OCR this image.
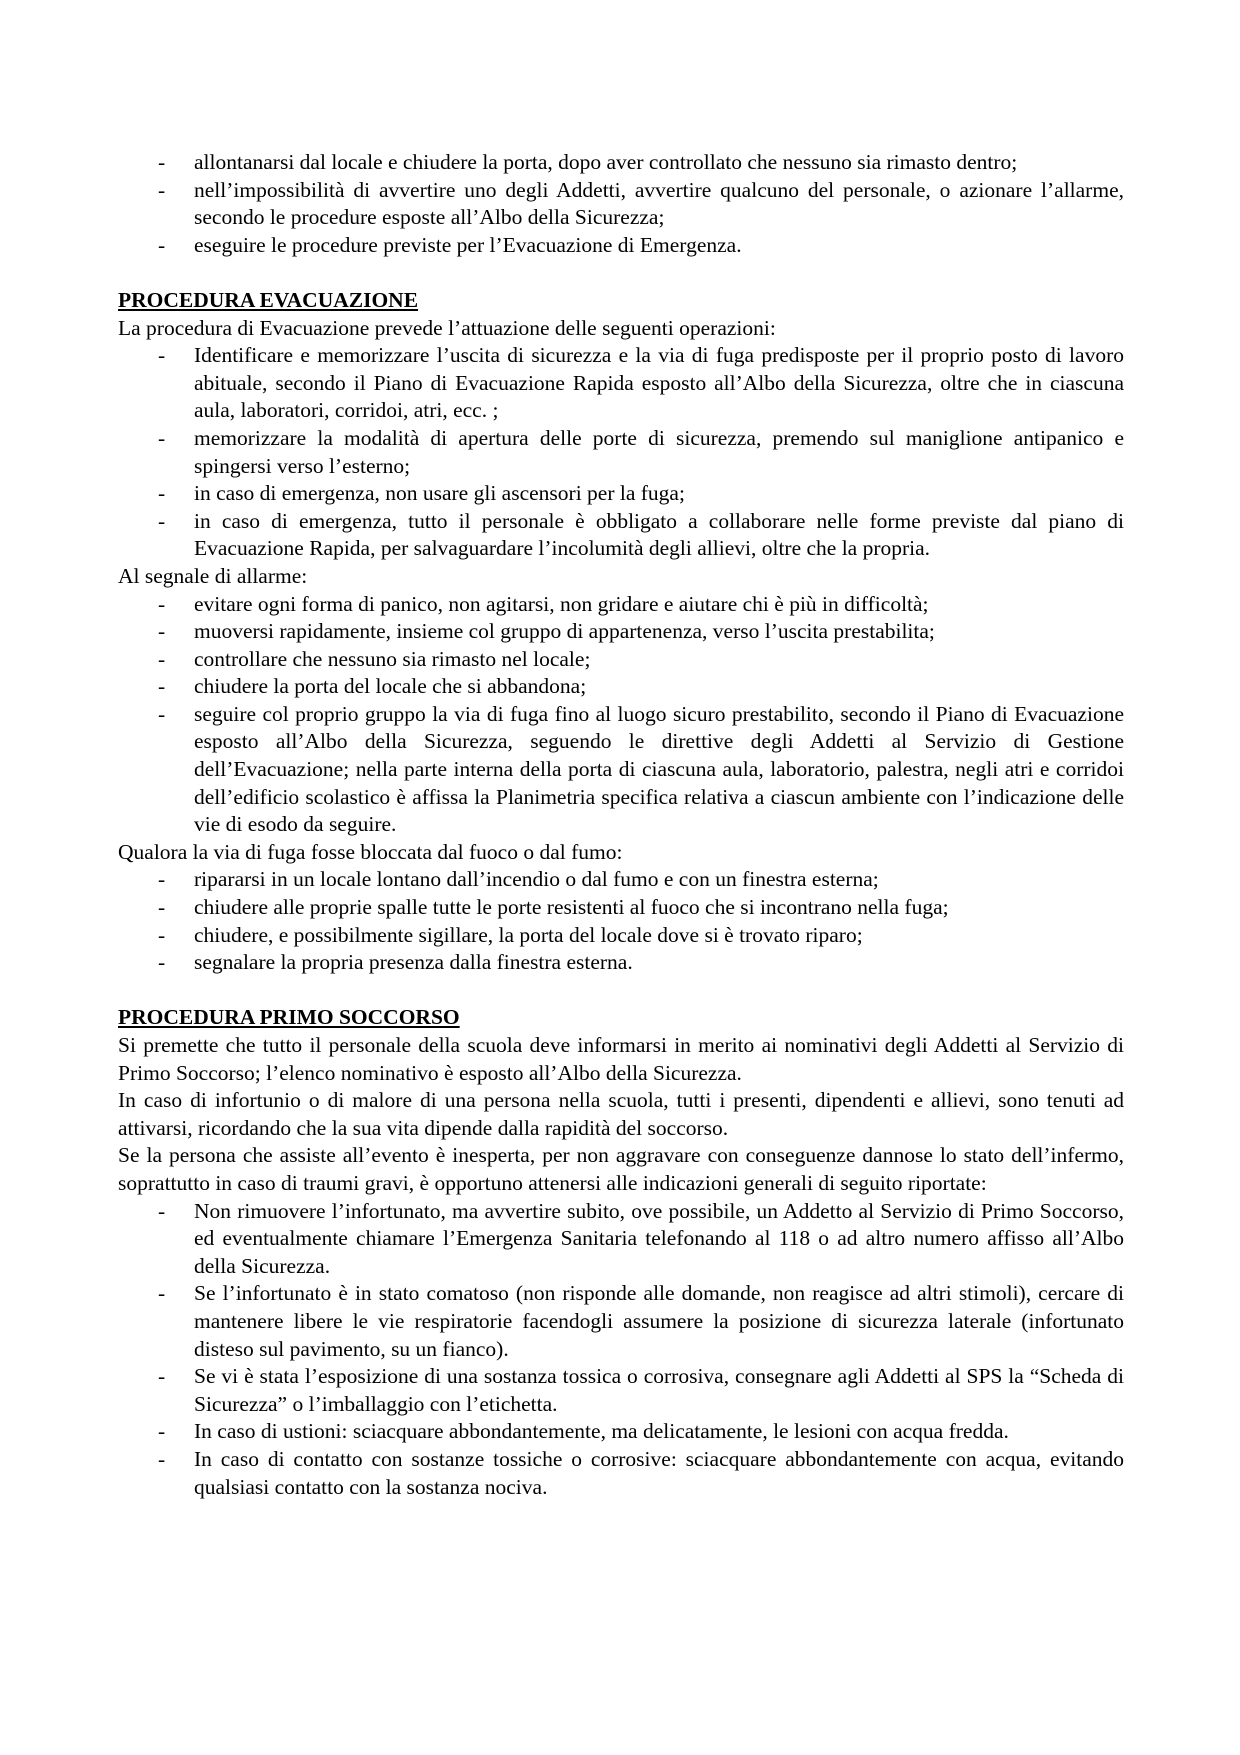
-	allontanarsi dal locale e chiudere la porta, dopo aver controllato che nessuno sia rimasto dentro;
-	nell’impossibilità di avvertire uno degli Addetti, avvertire qualcuno del personale, o azionare l’allarme, secondo le procedure esposte all’Albo della Sicurezza;
-	eseguire le procedure previste per l’Evacuazione di Emergenza.

PROCEDURA EVACUAZIONE

La procedura di Evacuazione prevede l’attuazione delle seguenti operazioni:

-	Identificare e memorizzare l’uscita di sicurezza e la via di fuga predisposte per il proprio posto di lavoro abituale, secondo il Piano di Evacuazione Rapida esposto all’Albo della Sicurezza, oltre che in ciascuna aula, laboratori, corridoi, atri, ecc. ;
-	memorizzare la modalità di apertura delle porte di sicurezza, premendo sul maniglione antipanico e spingersi verso l’esterno;
-	in caso di emergenza, non usare gli ascensori per la fuga;
-	in caso di emergenza, tutto il personale è obbligato a collaborare nelle forme previste dal piano di Evacuazione Rapida, per salvaguardare l’incolumità degli allievi, oltre che la propria.

Al segnale di allarme:

-	evitare ogni forma di panico, non agitarsi, non gridare e aiutare chi è più in difficoltà;
-	muoversi rapidamente, insieme col gruppo di appartenenza, verso l’uscita prestabilita;
-	controllare che nessuno sia rimasto nel locale;
-	chiudere la porta del locale che si abbandona;
-	seguire col proprio gruppo la via di fuga fino al luogo sicuro prestabilito, secondo il Piano di Evacuazione esposto all’Albo della Sicurezza, seguendo le direttive degli Addetti al Servizio di Gestione dell’Evacuazione; nella parte interna della porta di ciascuna aula, laboratorio, palestra, negli atri e corridoi dell’edificio scolastico è affissa la Planimetria specifica relativa a ciascun ambiente con l’indicazione delle vie di esodo da seguire.

Qualora la via di fuga fosse bloccata dal fuoco o dal fumo:

-	ripararsi in un locale lontano dall’incendio o dal fumo e con un finestra esterna;
-	chiudere alle proprie spalle tutte le porte resistenti al fuoco che si incontrano nella fuga;
-	chiudere, e possibilmente sigillare, la porta del locale dove si è trovato riparo;
-	segnalare la propria presenza dalla finestra esterna.

PROCEDURA PRIMO SOCCORSO

Si premette che tutto il personale della scuola deve informarsi in merito ai nominativi degli Addetti al Servizio di Primo Soccorso; l’elenco nominativo è esposto all’Albo della Sicurezza.

In caso di infortunio o di malore di una persona nella scuola, tutti i presenti, dipendenti e allievi, sono tenuti ad attivarsi, ricordando che la sua vita dipende dalla rapidità del soccorso.

Se la persona che assiste all’evento è inesperta, per non aggravare con conseguenze dannose lo stato dell’infermo, soprattutto in caso di traumi gravi, è opportuno attenersi alle indicazioni generali di seguito riportate:

-	Non rimuovere l’infortunato, ma avvertire subito, ove possibile, un Addetto al Servizio di Primo Soccorso, ed eventualmente chiamare l’Emergenza Sanitaria telefonando al 118 o ad altro numero affisso all’Albo della Sicurezza.
-	Se l’infortunato è in stato comatoso (non risponde alle domande, non reagisce ad altri stimoli), cercare di mantenere libere le vie respiratorie facendogli assumere la posizione di sicurezza laterale (infortunato disteso sul pavimento, su un fianco).
-	Se vi è stata l’esposizione di una sostanza tossica o corrosiva, consegnare agli Addetti al SPS la “Scheda di Sicurezza” o l’imballaggio con l’etichetta.
-	In caso di ustioni: sciacquare abbondantemente, ma delicatamente, le lesioni con acqua fredda.
-	In caso di contatto con sostanze tossiche o corrosive: sciacquare abbondantemente con acqua, evitando qualsiasi contatto con la sostanza nociva.
